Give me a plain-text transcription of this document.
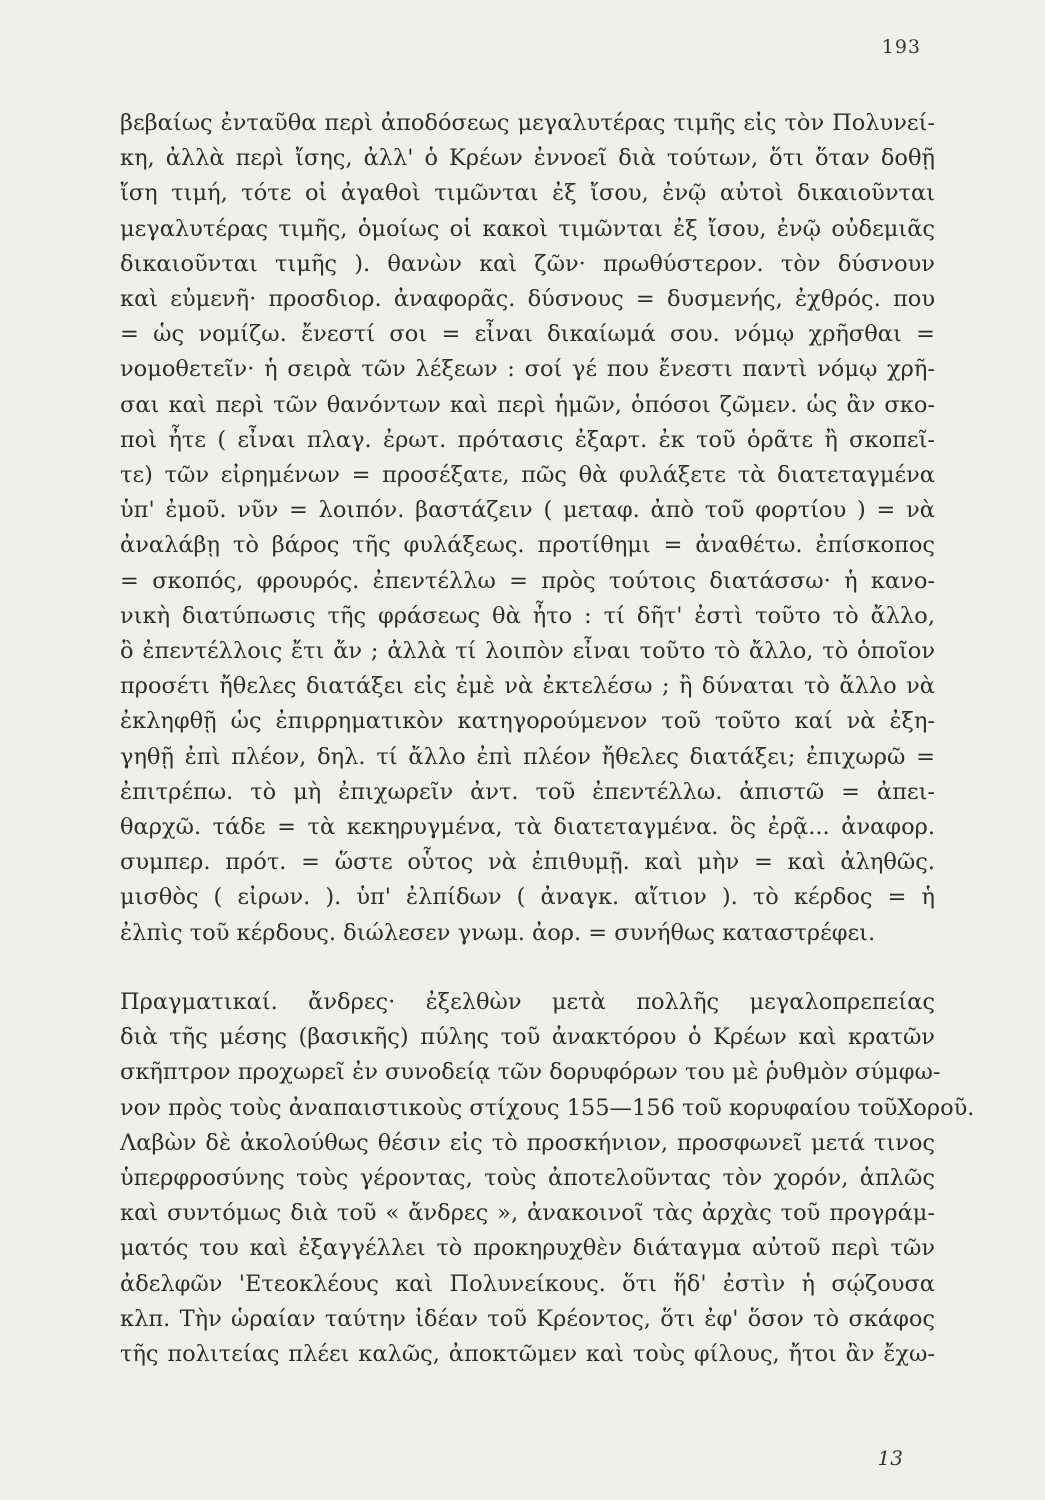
193
βεβαίως ἐνταῦθα περὶ ἀποδόσεως μεγαλυτέρας τιμῆς εἰς τὸν Πολυνεί-
κη, ἀλλὰ περὶ ἴσης, ἀλλ' ὁ Κρέων ἐννοεῖ διὰ τούτων, ὅτι ὅταν δοθῇ
ἴση τιμή, τότε οἱ ἀγαθοὶ τιμῶνται ἐξ ἴσου, ἐνῷ αὐτοὶ δικαιοῦνται
μεγαλυτέρας τιμῆς, ὁμοίως οἱ κακοὶ τιμῶνται ἐξ ἴσου, ἐνῷ οὐδεμιᾶς
δικαιοῦνται τιμῆς ). θανὼν καὶ ζῶν· πρωθύστερον. τὸν δύσνουν
καὶ εὐμενῆ· προσδιορ. ἀναφορᾶς. δύσνους = δυσμενής, ἐχθρός. που
= ὡς νομίζω. ἔνεστί σοι = εἶναι δικαίωμά σου. νόμῳ χρῆσθαι =
νομοθετεῖν· ἡ σειρὰ τῶν λέξεων : σοί γέ που ἔνεστι παντὶ νόμῳ χρῆ-
σαι καὶ περὶ τῶν θανόντων καὶ περὶ ἡμῶν, ὁπόσοι ζῶμεν. ὡς ἂν σκο-
ποὶ ἦτε ( εἶναι πλαγ. ἐρωτ. πρότασις ἐξαρτ. ἐκ τοῦ ὁρᾶτε ἢ σκοπεῖ-
τε) τῶν εἰρημένων = προσέξατε, πῶς θὰ φυλάξετε τὰ διατεταγμένα
ὑπ' ἐμοῦ. νῦν = λοιπόν. βαστάζειν ( μεταφ. ἀπὸ τοῦ φορτίου ) = νὰ
ἀναλάβῃ τὸ βάρος τῆς φυλάξεως. προτίθημι = ἀναθέτω. ἐπίσκοπος
= σκοπός, φρουρός. ἐπεντέλλω = πρὸς τούτοις διατάσσω· ἡ κανο-
νικὴ διατύπωσις τῆς φράσεως θὰ ἦτο : τί δῆτ' ἐστὶ τοῦτο τὸ ἄλλο,
ὃ ἐπεντέλλοις ἔτι ἄν ; ἀλλὰ τί λοιπὸν εἶναι τοῦτο τὸ ἄλλο, τὸ ὁποῖον
προσέτι ἤθελες διατάξει εἰς ἐμὲ νὰ ἐκτελέσω ; ἢ δύναται τὸ ἄλλο νὰ
ἐκληφθῇ ὡς ἐπιρρηματικὸν κατηγορούμενον τοῦ τοῦτο καί νὰ ἐξη-
γηθῇ ἐπὶ πλέον, δηλ. τί ἄλλο ἐπὶ πλέον ἤθελες διατάξει; ἐπιχωρῶ =
ἐπιτρέπω. τὸ μὴ ἐπιχωρεῖν ἀντ. τοῦ ἐπεντέλλω. ἀπιστῶ = ἀπει-
θαρχῶ. τάδε = τὰ κεκηρυγμένα, τὰ διατεταγμένα. ὃς ἐρᾷ... ἀναφορ.
συμπερ. πρότ. = ὥστε οὗτος νὰ ἐπιθυμῇ. καὶ μὴν = καὶ ἀληθῶς.
μισθὸς ( εἰρων. ). ὑπ' ἐλπίδων ( ἀναγκ. αἴτιον ). τὸ κέρδος = ἡ
ἐλπὶς τοῦ κέρδους. διώλεσεν γνωμ. ἀορ. = συνήθως καταστρέφει.
Πραγματικαί. ἄνδρες· ἐξελθὼν μετὰ πολλῆς μεγαλοπρεπείας
διὰ τῆς μέσης (βασικῆς) πύλης τοῦ ἀνακτόρου ὁ Κρέων καὶ κρατῶν
σκῆπτρον προχωρεῖ ἐν συνοδείᾳ τῶν δορυφόρων του μὲ ῥυθμὸν σύμφω-
νον πρὸς τοὺς ἀναπαιστικοὺς στίχους 155—156 τοῦ κορυφαίου τοῦΧοροῦ.
Λαβὼν δὲ ἀκολούθως θέσιν εἰς τὸ προσκήνιον, προσφωνεῖ μετά τινος
ὑπερφροσύνης τοὺς γέροντας, τοὺς ἀποτελοῦντας τὸν χορόν, ἁπλῶς
καὶ συντόμως διὰ τοῦ « ἄνδρες », ἀνακοινοῖ τὰς ἀρχὰς τοῦ προγράμ-
ματός του καὶ ἐξαγγέλλει τὸ προκηρυχθὲν διάταγμα αὐτοῦ περὶ τῶν
ἀδελφῶν 'Ετεοκλέους καὶ Πολυνείκους. ὅτι ἥδ' ἐστὶν ἡ σῴζουσα
κλπ. Τὴν ὡραίαν ταύτην ἰδέαν τοῦ Κρέοντος, ὅτι ἐφ' ὅσον τὸ σκάφος
τῆς πολιτείας πλέει καλῶς, ἀποκτῶμεν καὶ τοὺς φίλους, ἤτοι ἂν ἔχω-
13
